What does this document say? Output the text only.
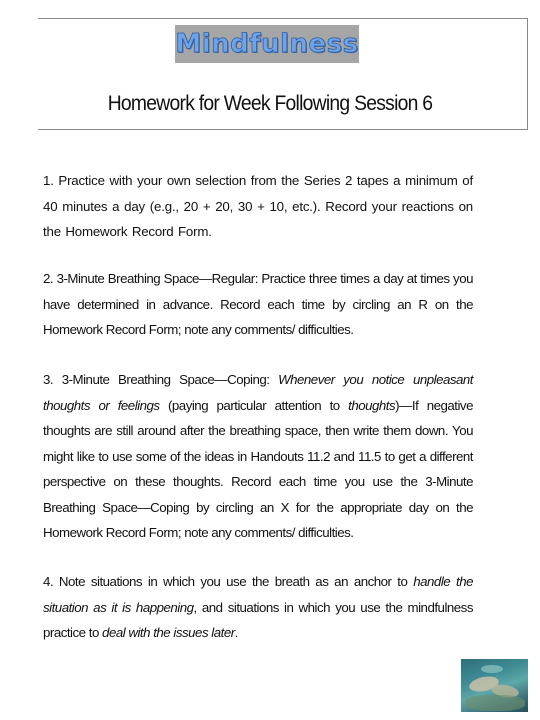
Mindfulness
Homework for Week Following Session 6

1. Practice with your own selection from the Series 2 tapes a minimum of 40 minutes a day (e.g., 20 + 20, 30 + 10, etc.). Record your reactions on the Homework Record Form.

2. 3-Minute Breathing Space—Regular: Practice three times a day at times you have determined in advance. Record each time by circling an R on the Homework Record Form; note any comments/ difficulties.

3. 3-Minute Breathing Space—Coping: Whenever you notice unpleasant thoughts or feelings (paying particular attention to thoughts)—If negative thoughts are still around after the breathing space, then write them down. You might like to use some of the ideas in Handouts 11.2 and 11.5 to get a different perspective on these thoughts. Record each time you use the 3-Minute Breathing Space—Coping by circling an X for the appropriate day on the Homework Record Form; note any comments/ difficulties.

4. Note situations in which you use the breath as an anchor to handle the situation as it is happening, and situations in which you use the mindfulness practice to deal with the issues later.
